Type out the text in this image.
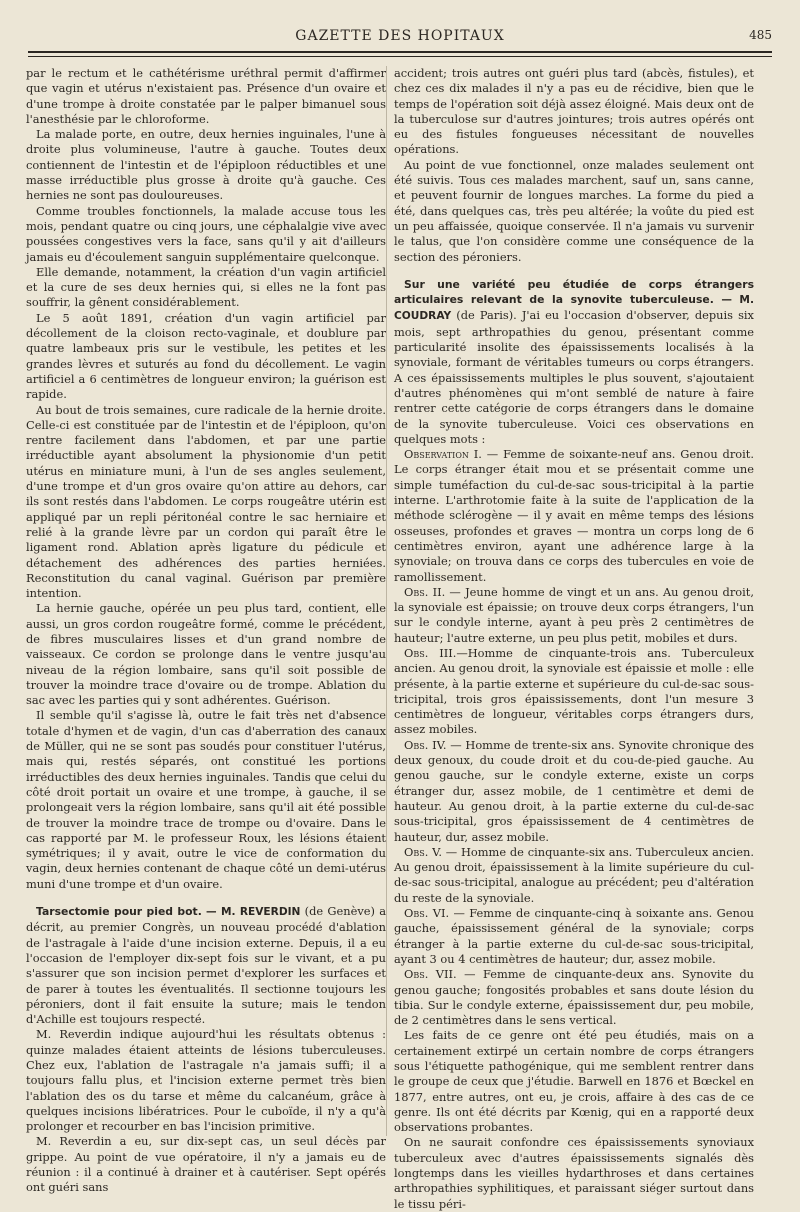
GAZETTE DES HOPITAUX	485

par le rectum et le cathétérisme uréthral permit d'affirmer que vagin et utérus n'existaient pas. Présence d'un ovaire et d'une trompe à droite constatée par le palper bimanuel sous l'anesthésie par le chloroforme.

La malade porte, en outre, deux hernies inguinales, l'une à droite plus volumineuse, l'autre à gauche. Toutes deux contiennent de l'intestin et de l'épiploon réductibles et une masse irréductible plus grosse à droite qu'à gauche. Ces hernies ne sont pas douloureuses.

Comme troubles fonctionnels, la malade accuse tous les mois, pendant quatre ou cinq jours, une céphalalgie vive avec poussées congestives vers la face, sans qu'il y ait d'ailleurs jamais eu d'écoulement sanguin supplémentaire quelconque.

Elle demande, notamment, la création d'un vagin artificiel et la cure de ses deux hernies qui, si elles ne la font pas souffrir, la gênent considérablement.

Le 5 août 1891, création d'un vagin artificiel par décollement de la cloison recto-vaginale, et doublure par quatre lambeaux pris sur le vestibule, les petites et les grandes lèvres et suturés au fond du décollement. Le vagin artificiel a 6 centimètres de longueur environ; la guérison est rapide.

Au bout de trois semaines, cure radicale de la hernie droite. Celle-ci est constituée par de l'intestin et de l'épiploon, qu'on rentre facilement dans l'abdomen, et par une partie irréductible ayant absolument la physionomie d'un petit utérus en miniature muni, à l'un de ses angles seulement, d'une trompe et d'un gros ovaire qu'on attire au dehors, car ils sont restés dans l'abdomen. Le corps rougeâtre utérin est appliqué par un repli péritonéal contre le sac herniaire et relié à la grande lèvre par un cordon qui paraît être le ligament rond. Ablation après ligature du pédicule et détachement des adhérences des parties herniées. Reconstitution du canal vaginal. Guérison par première intention.

La hernie gauche, opérée un peu plus tard, contient, elle aussi, un gros cordon rougeâtre formé, comme le précédent, de fibres musculaires lisses et d'un grand nombre de vaisseaux. Ce cordon se prolonge dans le ventre jusqu'au niveau de la région lombaire, sans qu'il soit possible de trouver la moindre trace d'ovaire ou de trompe. Ablation du sac avec les parties qui y sont adhérentes. Guérison.

Il semble qu'il s'agisse là, outre le fait très net d'absence totale d'hymen et de vagin, d'un cas d'aberration des canaux de Müller, qui ne se sont pas soudés pour constituer l'utérus, mais qui, restés séparés, ont constitué les portions irréductibles des deux hernies inguinales. Tandis que celui du côté droit portait un ovaire et une trompe, à gauche, il se prolongeait vers la région lombaire, sans qu'il ait été possible de trouver la moindre trace de trompe ou d'ovaire. Dans le cas rapporté par M. le professeur Roux, les lésions étaient symétriques; il y avait, outre le vice de conformation du vagin, deux hernies contenant de chaque côté un demi-utérus muni d'une trompe et d'un ovaire.

Tarsectomie pour pied bot. — M. REVERDIN (de Genève) a décrit, au premier Congrès, un nouveau procédé d'ablation de l'astragale à l'aide d'une incision externe. Depuis, il a eu l'occasion de l'employer dix-sept fois sur le vivant, et a pu s'assurer que son incision permet d'explorer les surfaces et de parer à toutes les éventualités. Il sectionne toujours les péroniers, dont il fait ensuite la suture; mais le tendon d'Achille est toujours respecté.

M. Reverdin indique aujourd'hui les résultats obtenus : quinze malades étaient atteints de lésions tuberculeuses. Chez eux, l'ablation de l'astragale n'a jamais suffi; il a toujours fallu plus, et l'incision externe permet très bien l'ablation des os du tarse et même du calcanéum, grâce à quelques incisions libératrices. Pour le cuboïde, il n'y a qu'à prolonger et recourber en bas l'incision primitive.

M. Reverdin a eu, sur dix-sept cas, un seul décès par grippe. Au point de vue opératoire, il n'y a jamais eu de réunion : il a continué à drainer et à cautériser. Sept opérés ont guéri sans

accident; trois autres ont guéri plus tard (abcès, fistules), et chez ces dix malades il n'y a pas eu de récidive, bien que le temps de l'opération soit déjà assez éloigné. Mais deux ont de la tuberculose sur d'autres jointures; trois autres opérés ont eu des fistules fongueuses nécessitant de nouvelles opérations.

Au point de vue fonctionnel, onze malades seulement ont été suivis. Tous ces malades marchent, sauf un, sans canne, et peuvent fournir de longues marches. La forme du pied a été, dans quelques cas, très peu altérée; la voûte du pied est un peu affaissée, quoique conservée. Il n'a jamais vu survenir le talus, que l'on considère comme une conséquence de la section des péroniers.

Sur une variété peu étudiée de corps étrangers articulaires relevant de la synovite tuberculeuse. — M. COUDRAY (de Paris). J'ai eu l'occasion d'observer, depuis six mois, sept arthropathies du genou, présentant comme particularité insolite des épaississements localisés à la synoviale, formant de véritables tumeurs ou corps étrangers. A ces épaississements multiples le plus souvent, s'ajoutaient d'autres phénomènes qui m'ont semblé de nature à faire rentrer cette catégorie de corps étrangers dans le domaine de la synovite tuberculeuse. Voici ces observations en quelques mots :

Observation I. — Femme de soixante-neuf ans. Genou droit. Le corps étranger était mou et se présentait comme une simple tuméfaction du cul-de-sac sous-tricipital à la partie interne. L'arthrotomie faite à la suite de l'application de la méthode sclérogène — il y avait en même temps des lésions osseuses, profondes et graves — montra un corps long de 6 centimètres environ, ayant une adhérence large à la synoviale; on trouva dans ce corps des tubercules en voie de ramollissement.

Obs. II. — Jeune homme de vingt et un ans. Au genou droit, la synoviale est épaissie; on trouve deux corps étrangers, l'un sur le condyle interne, ayant à peu près 2 centimètres de hauteur; l'autre externe, un peu plus petit, mobiles et durs.

Obs. III.—Homme de cinquante-trois ans. Tuberculeux ancien. Au genou droit, la synoviale est épaissie et molle : elle présente, à la partie externe et supérieure du cul-de-sac sous-tricipital, trois gros épaississements, dont l'un mesure 3 centimètres de longueur, véritables corps étrangers durs, assez mobiles.

Obs. IV. — Homme de trente-six ans. Synovite chronique des deux genoux, du coude droit et du cou-de-pied gauche. Au genou gauche, sur le condyle externe, existe un corps étranger dur, assez mobile, de 1 centimètre et demi de hauteur. Au genou droit, à la partie externe du cul-de-sac sous-tricipital, gros épaississement de 4 centimètres de hauteur, dur, assez mobile.

Obs. V. — Homme de cinquante-six ans. Tuberculeux ancien. Au genou droit, épaississement à la limite supérieure du cul-de-sac sous-tricipital, analogue au précédent; peu d'altération du reste de la synoviale.

Obs. VI. — Femme de cinquante-cinq à soixante ans. Genou gauche, épaississement général de la synoviale; corps étranger à la partie externe du cul-de-sac sous-tricipital, ayant 3 ou 4 centimètres de hauteur; dur, assez mobile.

Obs. VII. — Femme de cinquante-deux ans. Synovite du genou gauche; fongosités probables et sans doute lésion du tibia. Sur le condyle externe, épaississement dur, peu mobile, de 2 centimètres dans le sens vertical.

Les faits de ce genre ont été peu étudiés, mais on a certainement extirpé un certain nombre de corps étrangers sous l'étiquette pathogénique, qui me semblent rentrer dans le groupe de ceux que j'étudie. Barwell en 1876 et Bœckel en 1877, entre autres, ont eu, je crois, affaire à des cas de ce genre. Ils ont été décrits par Kœnig, qui en a rapporté deux observations probantes.

On ne saurait confondre ces épaississements synoviaux tuberculeux avec d'autres épaississements signalés dès longtemps dans les vieilles hydarthroses et dans certaines arthropathies syphilitiques, et paraissant siéger surtout dans le tissu péri-
